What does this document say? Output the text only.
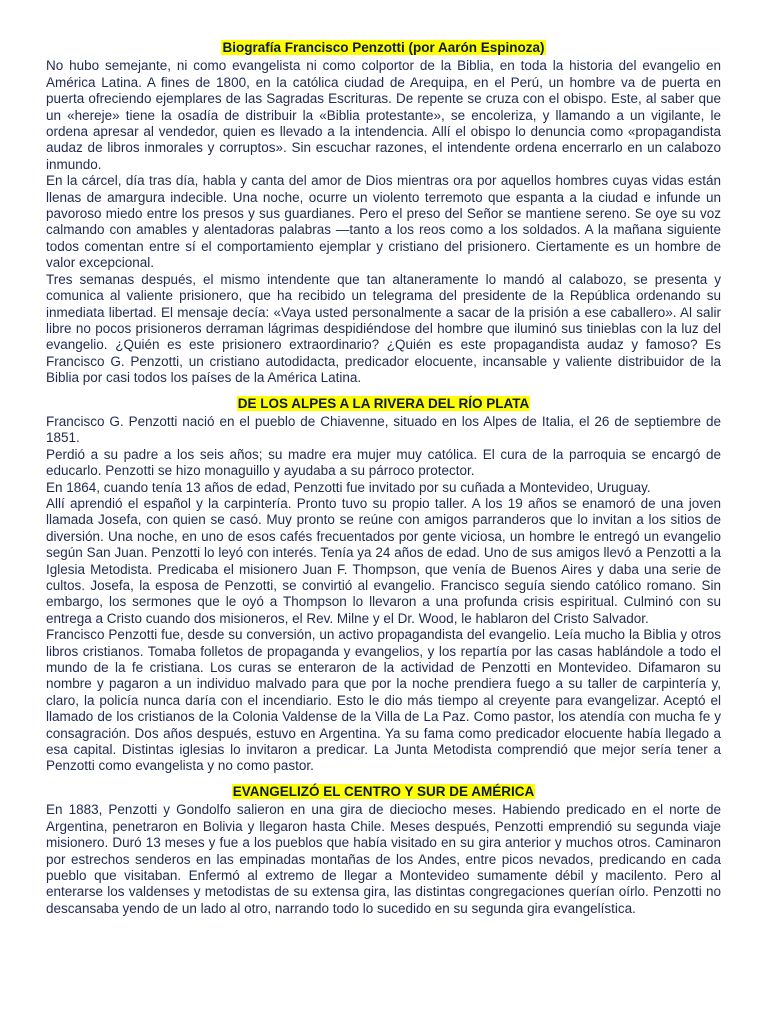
Biografía Francisco Penzotti (por Aarón Espinoza)

No hubo semejante, ni como evangelista ni como colportor de la Biblia, en toda la historia del evangelio en América Latina. A fines de 1800, en la católica ciudad de Arequipa, en el Perú, un hombre va de puerta en puerta ofreciendo ejemplares de las Sagradas Escrituras. De repente se cruza con el obispo. Este, al saber que un «hereje» tiene la osadía de distribuir la «Biblia protestante», se encoleriza, y llamando a un vigilante, le ordena apresar al vendedor, quien es llevado a la intendencia. Allí el obispo lo denuncia como «propagandista audaz de libros inmorales y corruptos». Sin escuchar razones, el intendente ordena encerrarlo en un calabozo inmundo.

En la cárcel, día tras día, habla y canta del amor de Dios mientras ora por aquellos hombres cuyas vidas están llenas de amargura indecible. Una noche, ocurre un violento terremoto que espanta a la ciudad e infunde un pavoroso miedo entre los presos y sus guardianes. Pero el preso del Señor se mantiene sereno. Se oye su voz calmando con amables y alentadoras palabras —tanto a los reos como a los soldados. A la mañana siguiente todos comentan entre sí el comportamiento ejemplar y cristiano del prisionero. Ciertamente es un hombre de valor excepcional.

Tres semanas después, el mismo intendente que tan altaneramente lo mandó al calabozo, se presenta y comunica al valiente prisionero, que ha recibido un telegrama del presidente de la República ordenando su inmediata libertad. El mensaje decía: «Vaya usted personalmente a sacar de la prisión a ese caballero». Al salir libre no pocos prisioneros derraman lágrimas despidiéndose del hombre que iluminó sus tinieblas con la luz del evangelio. ¿Quién es este prisionero extraordinario? ¿Quién es este propagandista audaz y famoso? Es Francisco G. Penzotti, un cristiano autodidacta, predicador elocuente, incansable y valiente distribuidor de la Biblia por casi todos los países de la América Latina.

DE LOS ALPES A LA RIVERA DEL RÍO PLATA

Francisco G. Penzotti nació en el pueblo de Chiavenne, situado en los Alpes de Italia, el 26 de septiembre de 1851.

Perdió a su padre a los seis años; su madre era mujer muy católica. El cura de la parroquia se encargó de educarlo. Penzotti se hizo monaguillo y ayudaba a su párroco protector.

En 1864, cuando tenía 13 años de edad, Penzotti fue invitado por su cuñada a Montevideo, Uruguay.

Allí aprendió el español y la carpintería. Pronto tuvo su propio taller. A los 19 años se enamoró de una joven llamada Josefa, con quien se casó. Muy pronto se reúne con amigos parranderos que lo invitan a los sitios de diversión. Una noche, en uno de esos cafés frecuentados por gente viciosa, un hombre le entregó un evangelio según San Juan. Penzotti lo leyó con interés. Tenía ya 24 años de edad. Uno de sus amigos llevó a Penzotti a la Iglesia Metodista. Predicaba el misionero Juan F. Thompson, que venía de Buenos Aires y daba una serie de cultos. Josefa, la esposa de Penzotti, se convirtió al evangelio. Francisco seguía siendo católico romano. Sin embargo, los sermones que le oyó a Thompson lo llevaron a una profunda crisis espiritual. Culminó con su entrega a Cristo cuando dos misioneros, el Rev. Milne y el Dr. Wood, le hablaron del Cristo Salvador.

Francisco Penzotti fue, desde su conversión, un activo propagandista del evangelio. Leía mucho la Biblia y otros libros cristianos. Tomaba folletos de propaganda y evangelios, y los repartía por las casas hablándole a todo el mundo de la fe cristiana. Los curas se enteraron de la actividad de Penzotti en Montevideo. Difamaron su nombre y pagaron a un individuo malvado para que por la noche prendiera fuego a su taller de carpintería y, claro, la policía nunca daría con el incendiario. Esto le dio más tiempo al creyente para evangelizar. Aceptó el llamado de los cristianos de la Colonia Valdense de la Villa de La Paz. Como pastor, los atendía con mucha fe y consagración. Dos años después, estuvo en Argentina. Ya su fama como predicador elocuente había llegado a esa capital. Distintas iglesias lo invitaron a predicar. La Junta Metodista comprendió que mejor sería tener a Penzotti como evangelista y no como pastor.

EVANGELIZÓ EL CENTRO Y SUR DE AMÉRICA

En 1883, Penzotti y Gondolfo salieron en una gira de dieciocho meses. Habiendo predicado en el norte de Argentina, penetraron en Bolivia y llegaron hasta Chile. Meses después, Penzotti emprendió su segunda viaje misionero. Duró 13 meses y fue a los pueblos que había visitado en su gira anterior y muchos otros. Caminaron por estrechos senderos en las empinadas montañas de los Andes, entre picos nevados, predicando en cada pueblo que visitaban. Enfermó al extremo de llegar a Montevideo sumamente débil y macilento. Pero al enterarse los valdenses y metodistas de su extensa gira, las distintas congregaciones querían oírlo. Penzotti no descansaba yendo de un lado al otro, narrando todo lo sucedido en su segunda gira evangelística.
